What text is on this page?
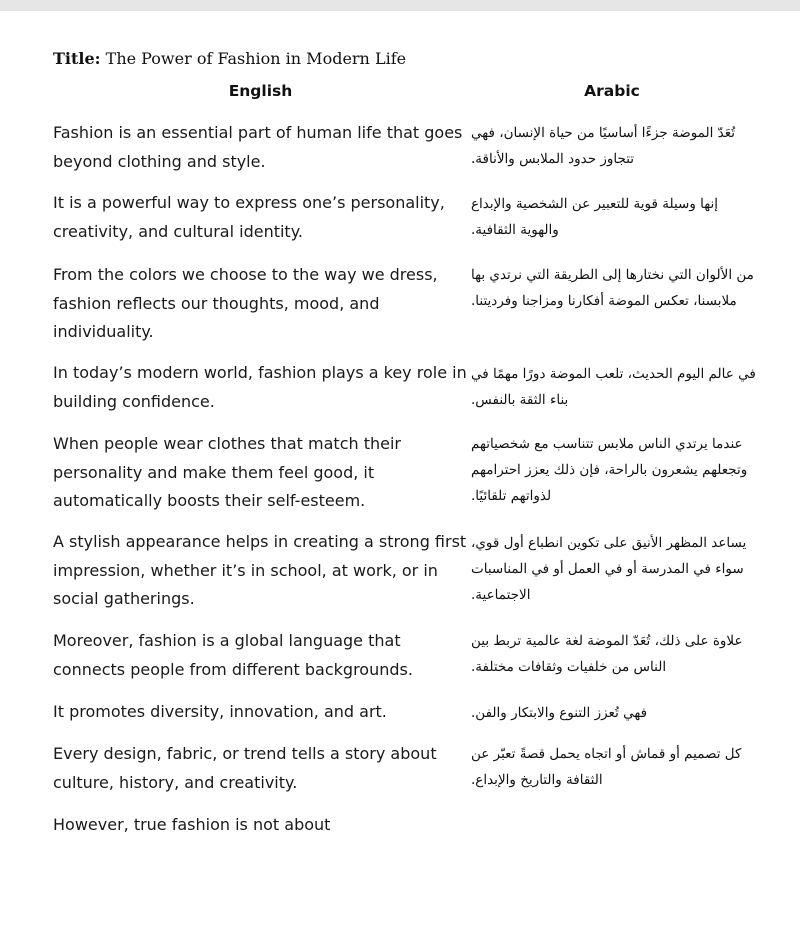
Title: The Power of Fashion in Modern Life
English	Arabic
Fashion is an essential part of human life that goes beyond clothing and style.
تُعَدّ الموضة جزءًا أساسيًا من حياة الإنسان، فهي تتجاوز حدود الملابس والأناقة.
It is a powerful way to express one’s personality, creativity, and cultural identity.
إنها وسيلة قوية للتعبير عن الشخصية والإبداع والهوية الثقافية.
From the colors we choose to the way we dress, fashion reflects our thoughts, mood, and individuality.
من الألوان التي نختارها إلى الطريقة التي نرتدي بها ملابسنا، تعكس الموضة أفكارنا ومزاجنا وفرديتنا.
In today’s modern world, fashion plays a key role in building confidence.
في عالم اليوم الحديث، تلعب الموضة دورًا مهمًا في بناء الثقة بالنفس.
When people wear clothes that match their personality and make them feel good, it automatically boosts their self-esteem.
عندما يرتدي الناس ملابس تتناسب مع شخصياتهم وتجعلهم يشعرون بالراحة، فإن ذلك يعزز احترامهم لذواتهم تلقائيًا.
A stylish appearance helps in creating a strong first impression, whether it’s in school, at work, or in social gatherings.
يساعد المظهر الأنيق على تكوين انطباع أول قوي، سواء في المدرسة أو في العمل أو في المناسبات الاجتماعية.
Moreover, fashion is a global language that connects people from different backgrounds.
علاوة على ذلك، تُعَدّ الموضة لغة عالمية تربط بين الناس من خلفيات وثقافات مختلفة.
It promotes diversity, innovation, and art.	فهي تُعزز التنوع والابتكار والفن.
Every design, fabric, or trend tells a story about culture, history, and creativity.
كل تصميم أو قماش أو اتجاه يحمل قصةً تعبّر عن الثقافة والتاريخ والإبداع.
However, true fashion is not about
